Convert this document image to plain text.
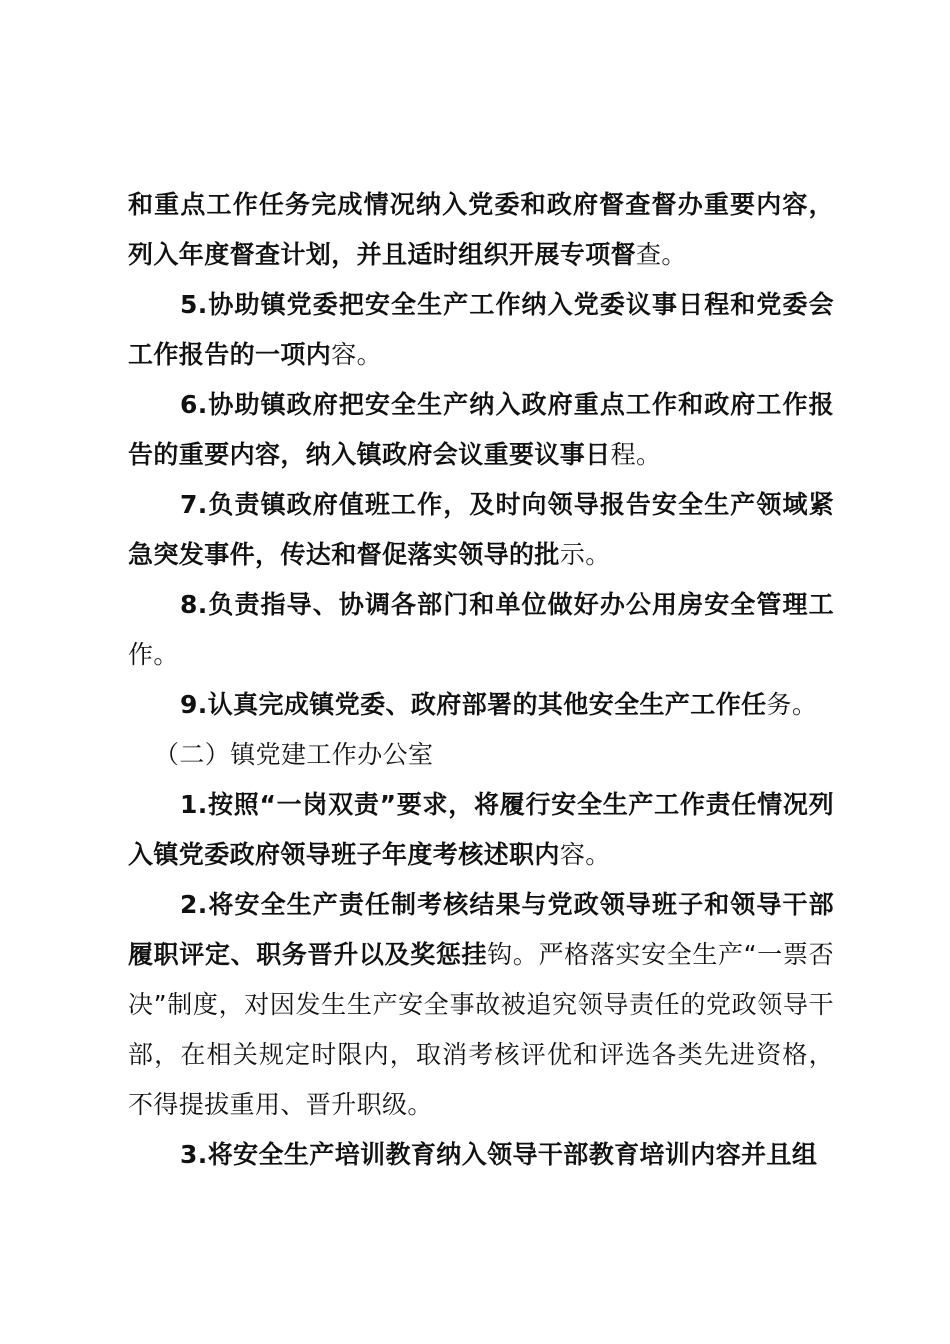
和重点工作任务完成情况纳入党委和政府督查督办重要内容，列入年度督查计划，并且适时组织开展专项督查。

5.协助镇党委把安全生产工作纳入党委议事日程和党委会工作报告的一项内容。

6.协助镇政府把安全生产纳入政府重点工作和政府工作报告的重要内容，纳入镇政府会议重要议事日程。

7.负责镇政府值班工作，及时向领导报告安全生产领域紧急突发事件，传达和督促落实领导的批示。

8.负责指导、协调各部门和单位做好办公用房安全管理工作。

9.认真完成镇党委、政府部署的其他安全生产工作任务。

（二）镇党建工作办公室

1.按照“一岗双责”要求，将履行安全生产工作责任情况列入镇党委政府领导班子年度考核述职内容。

2.将安全生产责任制考核结果与党政领导班子和领导干部履职评定、职务晋升以及奖惩挂钩。严格落实安全生产“一票否决”制度，对因发生生产安全事故被追究领导责任的党政领导干部，在相关规定时限内，取消考核评优和评选各类先进资格，不得提拔重用、晋升职级。

3.将安全生产培训教育纳入领导干部教育培训内容并且组
